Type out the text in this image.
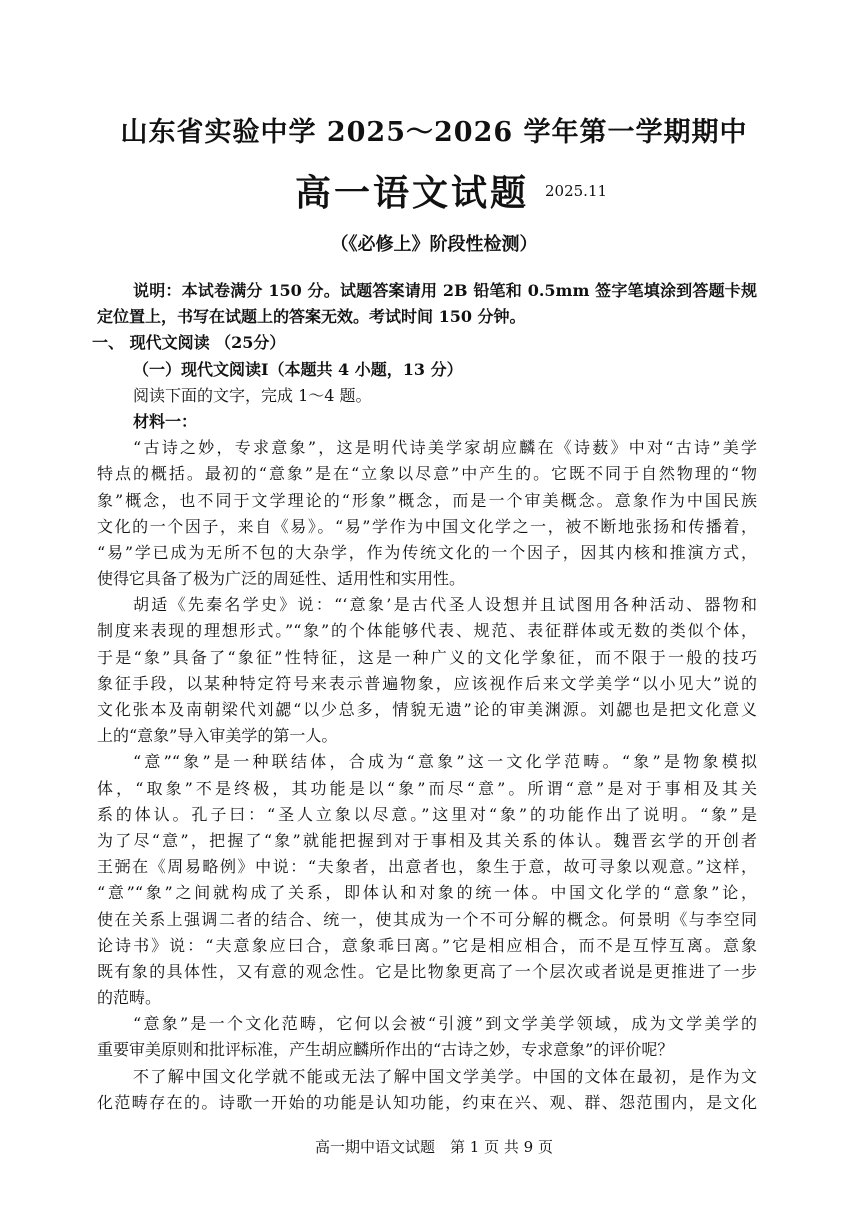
山东省实验中学 2025～2026 学年第一学期期中
高一语文试题 2025.11
（《必修上》阶段性检测）
说明：本试卷满分 150 分。试题答案请用 2B 铅笔和 0.5mm 签字笔填涂到答题卡规
定位置上，书写在试题上的答案无效。考试时间 150 分钟。
一、 现代文阅读 （25分）
（一）现代文阅读Ⅰ（本题共 4 小题，13 分）
阅读下面的文字，完成 1～4 题。
材料一：
“古诗之妙，专求意象”，这是明代诗美学家胡应麟在《诗薮》中对“古诗”美学
特点的概括。最初的“意象”是在“立象以尽意”中产生的。它既不同于自然物理的“物
象”概念，也不同于文学理论的“形象”概念，而是一个审美概念。意象作为中国民族
文化的一个因子，来自《易》。“易”学作为中国文化学之一，被不断地张扬和传播着，
“易”学已成为无所不包的大杂学，作为传统文化的一个因子，因其内核和推演方式，
使得它具备了极为广泛的周延性、适用性和实用性。
胡适《先秦名学史》说：“‘意象’是古代圣人设想并且试图用各种活动、器物和
制度来表现的理想形式。”“象”的个体能够代表、规范、表征群体或无数的类似个体，
于是“象”具备了“象征”性特征，这是一种广义的文化学象征，而不限于一般的技巧
象征手段，以某种特定符号来表示普遍物象，应该视作后来文学美学“以小见大”说的
文化张本及南朝梁代刘勰“以少总多，情貌无遗”论的审美渊源。刘勰也是把文化意义
上的“意象”导入审美学的第一人。
“意”“象”是一种联结体，合成为“意象”这一文化学范畴。“象”是物象模拟
体，“取象”不是终极，其功能是以“象”而尽“意”。所谓“意”是对于事相及其关
系的体认。孔子曰：“圣人立象以尽意。”这里对“象”的功能作出了说明。“象”是
为了尽“意”，把握了“象”就能把握到对于事相及其关系的体认。魏晋玄学的开创者
王弼在《周易略例》中说：“夫象者，出意者也，象生于意，故可寻象以观意。”这样，
“意”“象”之间就构成了关系，即体认和对象的统一体。中国文化学的“意象”论，
使在关系上强调二者的结合、统一，使其成为一个不可分解的概念。何景明《与李空同
论诗书》说：“夫意象应曰合，意象乖曰离。”它是相应相合，而不是互悖互离。意象
既有象的具体性，又有意的观念性。它是比物象更高了一个层次或者说是更推进了一步
的范畴。
“意象”是一个文化范畴，它何以会被“引渡”到文学美学领域，成为文学美学的
重要审美原则和批评标准，产生胡应麟所作出的“古诗之妙，专求意象”的评价呢？
不了解中国文化学就不能或无法了解中国文学美学。中国的文体在最初，是作为文
化范畴存在的。诗歌一开始的功能是认知功能，约束在兴、观、群、怨范围内，是文化
高一期中语文试题　第 1 页 共 9 页
